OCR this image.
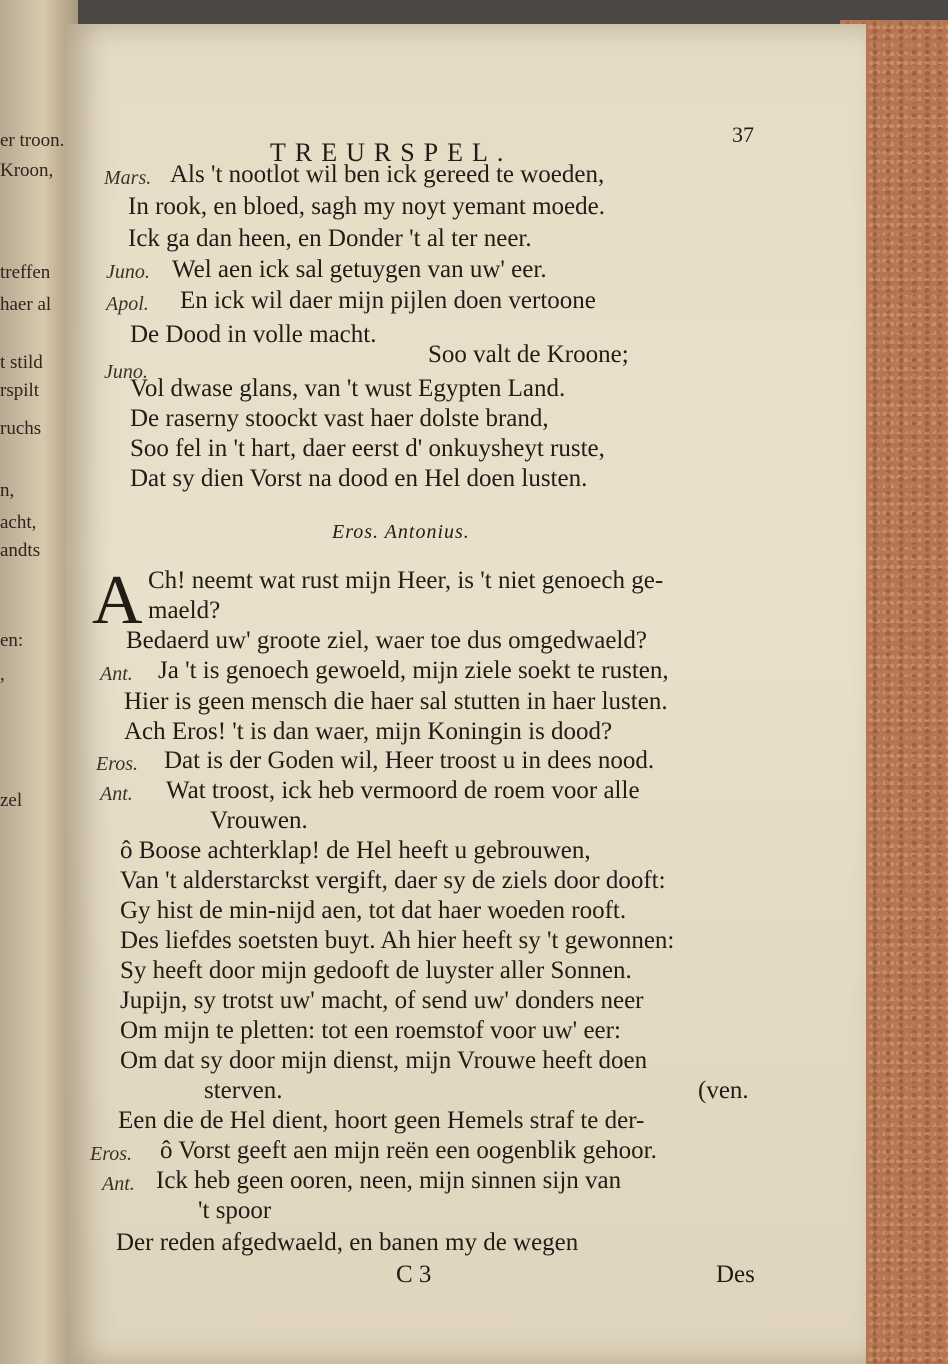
er troon.
Kroon,
treffen
haer al
t stild
rspilt
ruchs
n,
acht,
andts
en:
,
zel
TREURSPEL.
37
Mars. Als 't nootlot wil ben ick gereed te woeden,
In rook, en bloed, sagh my noyt yemant moede.
Ick ga dan heen, en Donder 't al ter neer.
Juno. Wel aen ick sal getuygen van uw' eer.
Apol. En ick wil daer mijn pijlen doen vertoone
De Dood in volle macht.
Soo valt de Kroone;
Juno.
Vol dwase glans, van 't wust Egypten Land.
De raserny stoockt vast haer dolste brand,
Soo fel in 't hart, daer eerst d' onkuysheyt ruste,
Dat sy dien Vorst na dood en Hel doen lusten.
Eros. Antonius.
A Ch! neemt wat rust mijn Heer, is 't niet genoech ge-
maeld?
Bedaerd uw' groote ziel, waer toe dus omgedwaeld?
Ant. Ja 't is genoech gewoeld, mijn ziele soekt te rusten,
Hier is geen mensch die haer sal stutten in haer lusten.
Ach Eros! 't is dan waer, mijn Koningin is dood?
Eros. Dat is der Goden wil, Heer troost u in dees nood.
Ant. Wat troost, ick heb vermoord de roem voor alle
Vrouwen.
ô Boose achterklap! de Hel heeft u gebrouwen,
Van 't alderstarckst vergift, daer sy de ziels door dooft:
Gy hist de min-nijd aen, tot dat haer woeden rooft.
Des liefdes soetsten buyt. Ah hier heeft sy 't gewonnen:
Sy heeft door mijn gedooft de luyster aller Sonnen.
Jupijn, sy trotst uw' macht, of send uw' donders neer
Om mijn te pletten: tot een roemstof voor uw' eer:
Om dat sy door mijn dienst, mijn Vrouwe heeft doen
sterven.	(ven.
Een die de Hel dient, hoort geen Hemels straf te der-
Eros. ô Vorst geeft aen mijn reën een oogenblik gehoor.
Ant. Ick heb geen ooren, neen, mijn sinnen sijn van
't spoor
Der reden afgedwaeld, en banen my de wegen
C 3	Des
